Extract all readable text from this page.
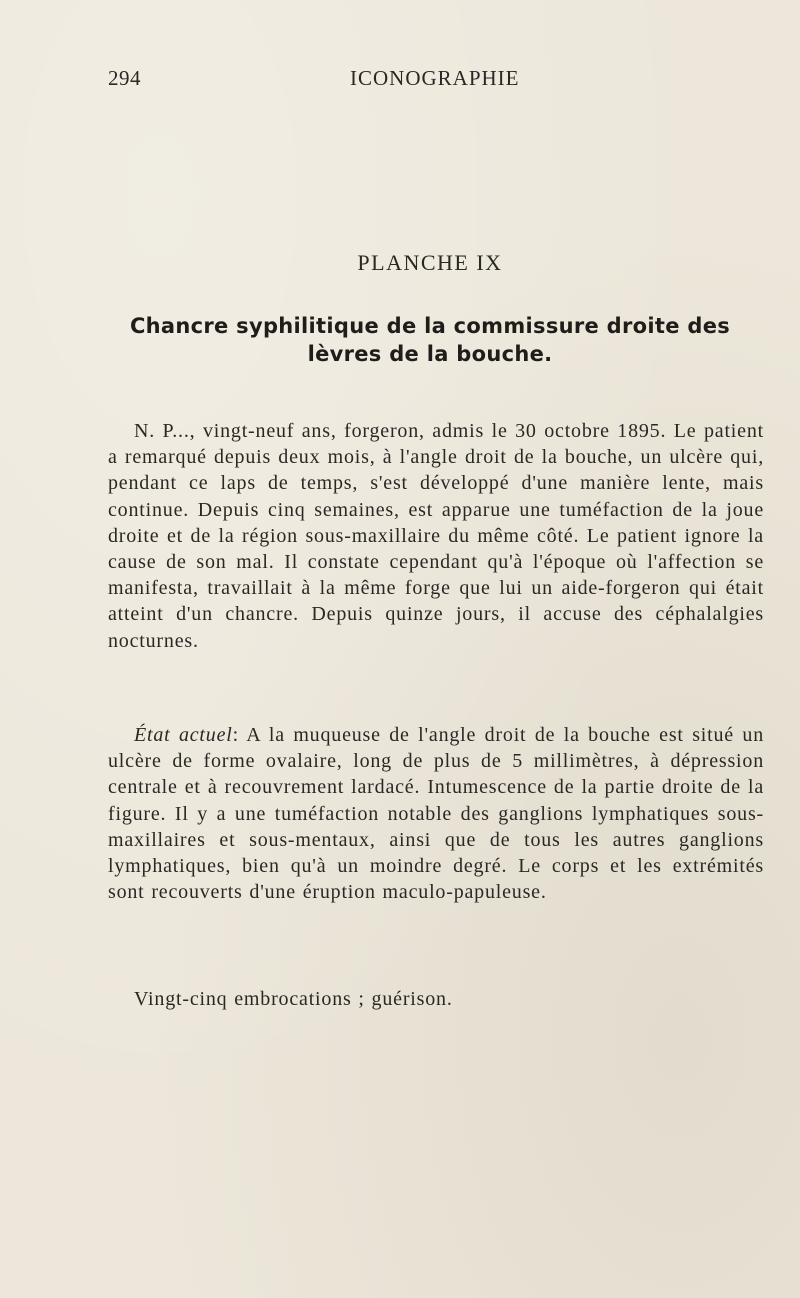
294	ICONOGRAPHIE
PLANCHE IX
Chancre syphilitique de la commissure droite des lèvres de la bouche.

N. P..., vingt-neuf ans, forgeron, admis le 30 octobre 1895. Le patient a remarqué depuis deux mois, à l'angle droit de la bouche, un ulcère qui, pendant ce laps de temps, s'est développé d'une manière lente, mais continue. Depuis cinq semaines, est apparue une tuméfaction de la joue droite et de la région sous-maxillaire du même côté. Le patient ignore la cause de son mal. Il constate cependant qu'à l'époque où l'affection se manifesta, travaillait à la même forge que lui un aide-forgeron qui était atteint d'un chancre. Depuis quinze jours, il accuse des céphalalgies nocturnes.

État actuel: A la muqueuse de l'angle droit de la bouche est situé un ulcère de forme ovalaire, long de plus de 5 millimètres, à dépression centrale et à recouvrement lardacé. Intumescence de la partie droite de la figure. Il y a une tuméfaction notable des ganglions lymphatiques sous-maxillaires et sous-mentaux, ainsi que de tous les autres ganglions lymphatiques, bien qu'à un moindre degré. Le corps et les extrémités sont recouverts d'une éruption maculo-papuleuse.

Vingt-cinq embrocations ; guérison.
